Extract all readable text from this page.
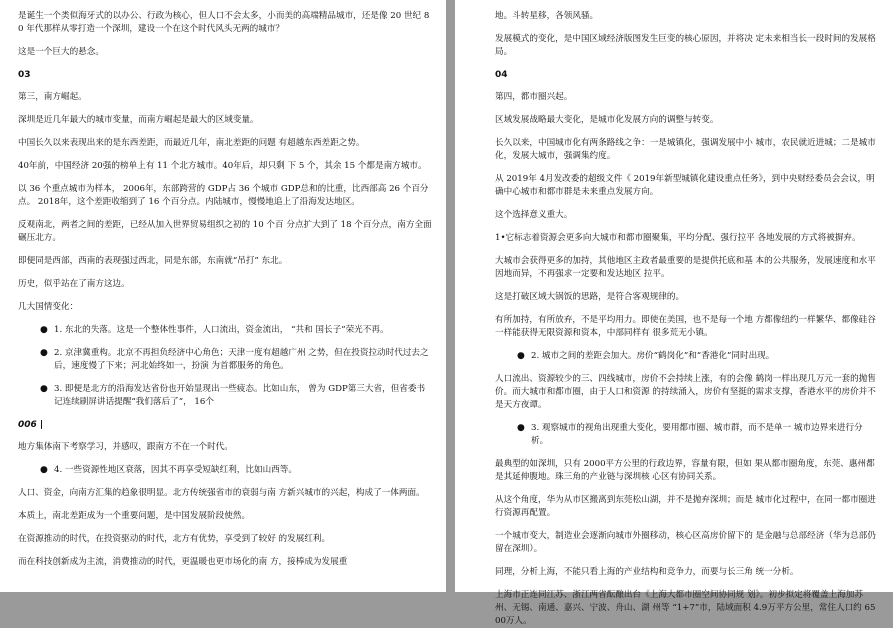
是诞生一个类似海牙式的以办公、行政为核心，但人口不会太多，小而美的高端精品城市，还是像 20 世纪 80 年代那样从零打造一个深圳，建设一个在这个时代风头无两的城市？
这是一个巨大的悬念。
03
第三，南方崛起。
深圳是近几年最大的城市变量，而南方崛起是最大的区域变量。
中国长久以来表现出来的是东西差距，而最近几年，南北差距的问题 有超越东西差距之势。
40年前，中国经济 20强的榜单上有 11 个北方城市。40年后，却只剩 下 5 个，其余 15 个都是南方城市。
以 36 个重点城市为样本， 2006年，东部跨营的 GDP占 36 个城市 GDP总和的比重，比西部高 26 个百分点。 2018年，这个差距收缩到了 16 个百分点。内陆城市，慢慢地追上了沿海发达地区。
反观南北，两者之间的差距，已经从加入世界贸易组织之初的 10 个百 分点扩大到了 18 个百分点，南方全面碾压北方。
即便同是西部，西南的表现强过西北，同是东部，东南就“吊打” 东北。
历史，似乎站在了南方这边。
几大国情变化：
● 1. 东北的失落。这是一个整体性事件，人口流出，资金流出， “共和 国长子”荣光不再。
● 2. 京津冀重构。北京不再担负经济中心角色；天津一度有超越广州 之势，但在投资拉动时代过去之后，速度慢了下来；河北始终如一，扮演 为首都服务的角色。
● 3. 即便是北方的沿海发达省份也开始显现出一些疲态。比如山东， 曾为 GDP第三大省，但省委书记连续刷屏讲话提醒“我们落后了”， 16个
006 |
地方集体南下考察学习，并感叹，跟南方不在一个时代。
● 4. 一些资源性地区衰落，因其不再享受短缺红利，比如山西等。
人口、资金，向南方汇集的趋象很明显。北方传统强省市的衰弱与南 方新兴城市的兴起，构成了一体两面。
本质上，南北差距成为一个重要问题，是中国发展阶段使然。
在资源推动的时代，在投资驱动的时代，北方有优势，享受到了较好 的发展红利。
而在科技创新成为主流，消费推动的时代，更温暖也更市场化的南 方，接棒成为发展重
地。斗转星移，各领风骚。
发展模式的变化，是中国区域经济版图发生巨变的核心原因，并将决 定未来相当长一段时间的发展格局。
04
第四，都市圈兴起。
区域发展战略最大变化，是城市化发展方向的调整与转变。
长久以来，中国城市化有两条路线之争：一是城镇化，强调发展中小 城市，农民就近进城；二是城市化，发展大城市，强调集约度。
从 2019年 4月发改委的超级文件《 2019年新型城镇化建设重点任务》，到中央财经委员会会议，明确中心城市和都市群是未来重点发展方向。
这个选择意义重大。
1•它标志着资源会更多向大城市和都市圈聚集，平均分配、强行拉平 各地发展的方式将被摒弃。
大城市会获得更多的加持，其他地区主政者最重要的是提供托底和基 本的公共服务，发展速度和水平因地而异，不再强求一定要和发达地区 拉平。
这是打破区域大锅饭的思路，是符合客观规律的。
有所加持，有所放弃，不是平均用力。即使在美国，也不是每一个地 方都像纽约一样繁华、都像硅谷一样能获得无限资源和资本，中部同样有 很多荒无小镇。
● 2. 城市之间的差距会加大。房价“鹤岗化”和“香港化”同时出现。
人口流出、资源较少的三、四线城市，房价不会持续上涨，有的会像 鹤岗一样出现几万元一套的抛售价。而大城市和都市圈，由于人口和资源 的持续涌入，房价有坚挺的需求支撑，香港水平的房价并不是天方夜谭。
● 3. 观察城市的视角出现重大变化，要用都市圈、城市群，而不是单一 城市边界来进行分析。
最典型的如深圳，只有 2000平方公里的行政边界，容量有限，但如 果从都市圈角度，东莞、惠州都是其延伸腹地。珠三角的产业链与深圳核 心区有协同关系。
从这个角度，华为从市区搬离到东莞松山湖，并不是抛弃深圳；而是 城市化过程中，在同一都市圈进行资源再配置。
一个城市变大，制造业会逐渐向城市外圈移动，核心区高房价留下的 是金融与总部经济（华为总部仍留在深圳）。
同理，分析上海，不能只看上海的产业结构和竞争力，而要与长三角 统一分析。
上海市正连同江苏、浙江两省酝酿出台《上海大都市圈空间协同规 划》。初步拟定将覆盖上海加苏州、无锡、南通、嘉兴、宁波、舟山、湖 州等 “1+7”市，陆域面积 4.9万平方公里，常住人口约 6500万人。
